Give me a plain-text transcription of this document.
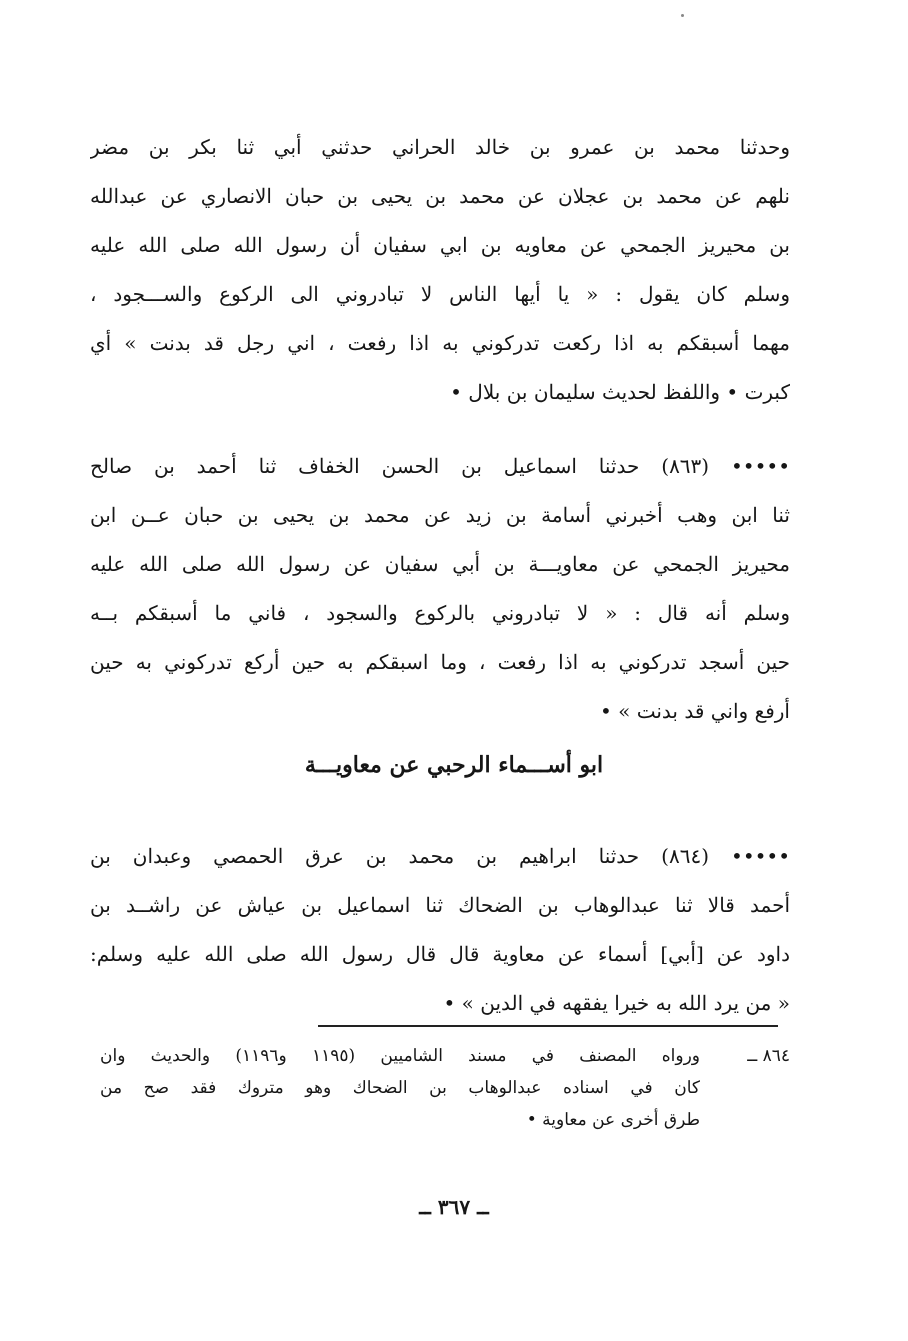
وحدثنا محمد بن عمرو بن خالد الحراني حدثني أبي ثنا بكر بن مضر
نلهم عن محمد بن عجلان عن محمد بن يحيى بن حبان الانصاري عن عبدالله
بن محيريز الجمحي عن معاويه بن ابي سفيان أن رسول الله صلى الله عليه
وسلم كان يقول : « يا أيها الناس لا تبادروني الى الركوع والســـجود ،
مهما أسبقكم به اذا ركعت تدركوني به اذا رفعت ، اني رجل قد بدنت » أي
كبرت • واللفظ لحديث سليمان بن بلال •
••••• (٨٦٣) حدثنا اسماعيل بن الحسن الخفاف ثنا أحمد بن صالح
ثنا ابن وهب أخبرني أسامة بن زيد عن محمد بن يحيى بن حبان عــن ابن
محيريز الجمحي عن معاويـــة بن أبي سفيان عن رسول الله صلى الله عليه
وسلم أنه قال : « لا تبادروني بالركوع والسجود ، فاني ما أسبقكم بــه
حين أسجد تدركوني به اذا رفعت ، وما اسبقكم به حين أركع تدركوني به حين
أرفع واني قد بدنت » •
ابو أســـماء الرحبي عن معاويـــة
••••• (٨٦٤) حدثنا ابراهيم بن محمد بن عرق الحمصي وعبدان بن
أحمد قالا ثنا عبدالوهاب بن الضحاك ثنا اسماعيل بن عياش عن راشــد بن
داود عن [أبي] أسماء عن معاوية قال قال رسول الله صلى الله عليه وسلم:
« من يرد الله به خيرا يفقهه في الدين » •
٨٦٤ ــورواه المصنف في مسند الشاميين (١١٩٥ و١١٩٦) والحديث وان
كان في اسناده عبدالوهاب بن الضحاك وهو متروك فقد صح من
طرق أخرى عن معاوية •
ــ ٣٦٧ ــ
